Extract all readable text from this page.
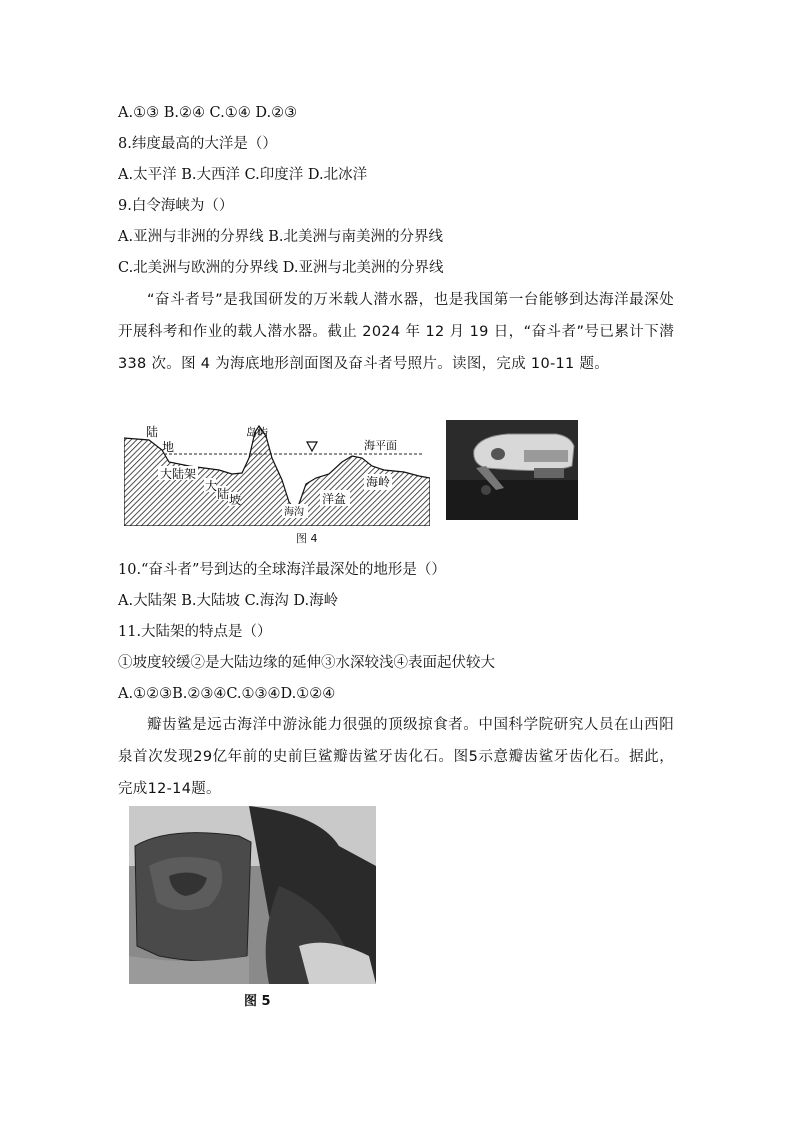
A.①③ B.②④ C.①④ D.②③
8.纬度最高的大洋是（）
A.太平洋 B.大西洋 C.印度洋 D.北冰洋
9.白令海峡为（）
A.亚洲与非洲的分界线 B.北美洲与南美洲的分界线
C.北美洲与欧洲的分界线 D.亚洲与北美洲的分界线
“奋斗者号”是我国研发的万米载人潜水器，也是我国第一台能够到达海洋最深处开展科考和作业的载人潜水器。截止 2024 年 12 月 19 日，“奋斗者”号已累计下潜 338 次。图 4 为海底地形剖面图及奋斗者号照片。读图，完成 10-11 题。
陆
地
岛屿
海平面
大陆架
大
陆 坡
海沟
洋盆
海岭
图 4
10.“奋斗者”号到达的全球海洋最深处的地形是（）
A.大陆架 B.大陆坡 C.海沟 D.海岭
11.大陆架的特点是（）
①坡度较缓②是大陆边缘的延伸③水深较浅④表面起伏较大
A.①②③B.②③④C.①③④D.①②④
瓣齿鲨是远古海洋中游泳能力很强的顶级掠食者。中国科学院研究人员在山西阳泉首次发现29亿年前的史前巨鲨瓣齿鲨牙齿化石。图5示意瓣齿鲨牙齿化石。据此，完成12-14题。
图 5
